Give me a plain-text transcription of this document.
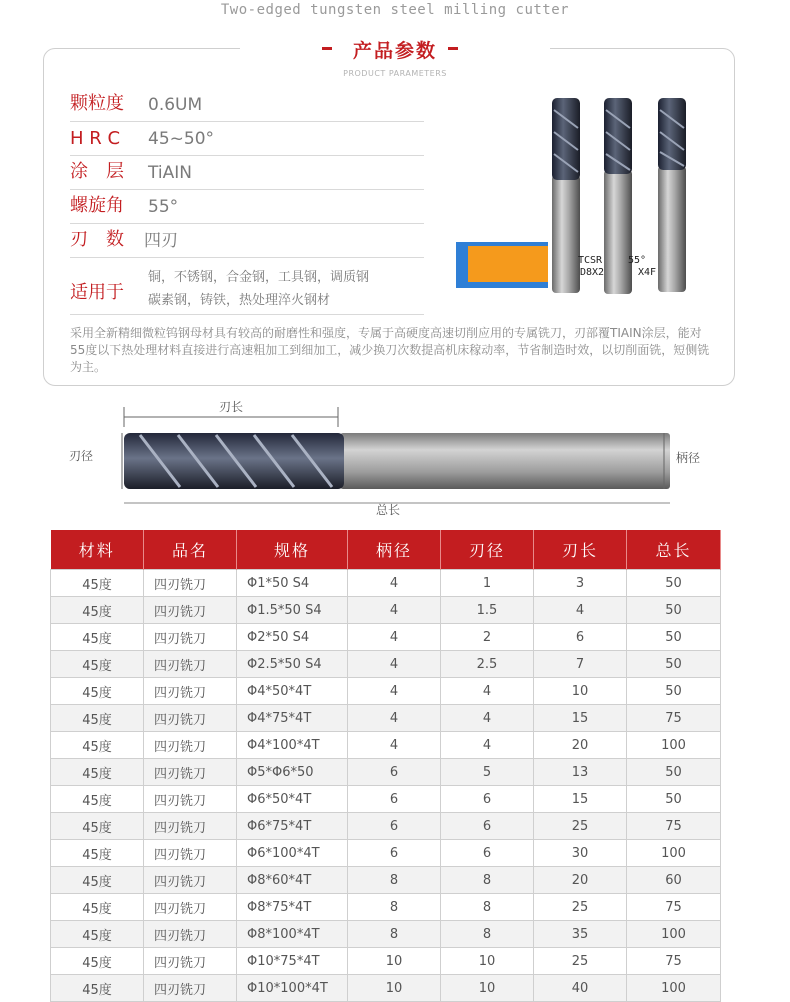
Two-edged tungsten steel milling cutter
产品参数
PRODUCT PARAMETERS
颗粒度 0.6UM
H R C 45~50°
涂　层 TiAIN
螺旋角 55°
刃　数 四刃
适用于
铜，不锈钢，合金钢，工具钢，调质钢
碳素钢，铸铁，热处理淬火钢材
采用全新精细微粒钨钢母材具有较高的耐磨性和强度，专属于高硬度高速切削应用的专属铣刀，刃部覆TIAIN涂层，能对55度以下热处理材料直接进行高速粗加工到细加工，减少换刀次数提高机床稼动率，节省制造时效，以切削面铣，短侧铣为主。
TCSR	55°
D8X2	X4F
刃长
刃径	柄径
总长
材料	品名	规格	柄径	刃径	刃长	总长
45度	四刃铣刀	Φ1*50 S4	4	1	3	50
45度	四刃铣刀	Φ1.5*50 S4	4	1.5	4	50
45度	四刃铣刀	Φ2*50 S4	4	2	6	50
45度	四刃铣刀	Φ2.5*50 S4	4	2.5	7	50
45度	四刃铣刀	Φ4*50*4T	4	4	10	50
45度	四刃铣刀	Φ4*75*4T	4	4	15	75
45度	四刃铣刀	Φ4*100*4T	4	4	20	100
45度	四刃铣刀	Φ5*Φ6*50	6	5	13	50
45度	四刃铣刀	Φ6*50*4T	6	6	15	50
45度	四刃铣刀	Φ6*75*4T	6	6	25	75
45度	四刃铣刀	Φ6*100*4T	6	6	30	100
45度	四刃铣刀	Φ8*60*4T	8	8	20	60
45度	四刃铣刀	Φ8*75*4T	8	8	25	75
45度	四刃铣刀	Φ8*100*4T	8	8	35	100
45度	四刃铣刀	Φ10*75*4T	10	10	25	75
45度	四刃铣刀	Φ10*100*4T	10	10	40	100
